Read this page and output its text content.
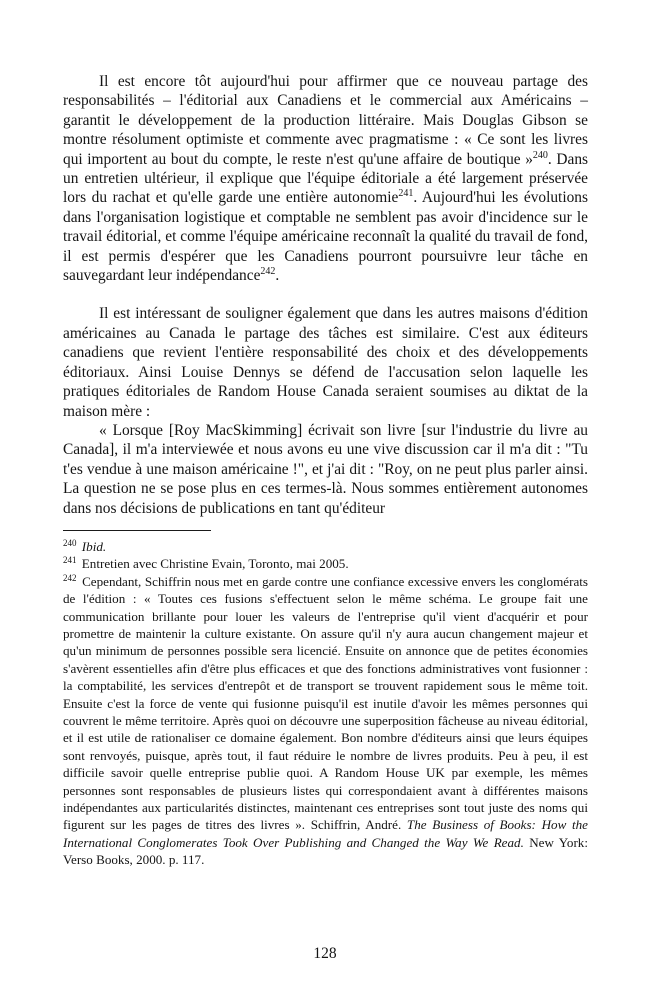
Il est encore tôt aujourd'hui pour affirmer que ce nouveau partage des responsabilités – l'éditorial aux Canadiens et le commercial aux Américains – garantit le développement de la production littéraire. Mais Douglas Gibson se montre résolument optimiste et commente avec pragmatisme : « Ce sont les livres qui importent au bout du compte, le reste n'est qu'une affaire de boutique »$^{240}$. Dans un entretien ultérieur, il explique que l'équipe éditoriale a été largement préservée lors du rachat et qu'elle garde une entière autonomie$^{241}$. Aujourd'hui les évolutions dans l'organisation logistique et comptable ne semblent pas avoir d'incidence sur le travail éditorial, et comme l'équipe américaine reconnaît la qualité du travail de fond, il est permis d'espérer que les Canadiens pourront poursuivre leur tâche en sauvegardant leur indépendance$^{242}$.

Il est intéressant de souligner également que dans les autres maisons d'édition américaines au Canada le partage des tâches est similaire. C'est aux éditeurs canadiens que revient l'entière responsabilité des choix et des développements éditoriaux. Ainsi Louise Dennys se défend de l'accusation selon laquelle les pratiques éditoriales de Random House Canada seraient soumises au diktat de la maison mère :

« Lorsque [Roy MacSkimming] écrivait son livre [sur l'industrie du livre au Canada], il m'a interviewée et nous avons eu une vive discussion car il m'a dit : "Tu t'es vendue à une maison américaine !", et j'ai dit : "Roy, on ne peut plus parler ainsi. La question ne se pose plus en ces termes-là. Nous sommes entièrement autonomes dans nos décisions de publications en tant qu'éditeur

$^{240}$ Ibid.

$^{241}$ Entretien avec Christine Evain, Toronto, mai 2005.

$^{242}$ Cependant, Schiffrin nous met en garde contre une confiance excessive envers les conglomérats de l'édition : « Toutes ces fusions s'effectuent selon le même schéma. Le groupe fait une communication brillante pour louer les valeurs de l'entreprise qu'il vient d'acquérir et pour promettre de maintenir la culture existante. On assure qu'il n'y aura aucun changement majeur et qu'un minimum de personnes possible sera licencié. Ensuite on annonce que de petites économies s'avèrent essentielles afin d'être plus efficaces et que des fonctions administratives vont fusionner : la comptabilité, les services d'entrepôt et de transport se trouvent rapidement sous le même toit. Ensuite c'est la force de vente qui fusionne puisqu'il est inutile d'avoir les mêmes personnes qui couvrent le même territoire. Après quoi on découvre une superposition fâcheuse au niveau éditorial, et il est utile de rationaliser ce domaine également. Bon nombre d'éditeurs ainsi que leurs équipes sont renvoyés, puisque, après tout, il faut réduire le nombre de livres produits. Peu à peu, il est difficile savoir quelle entreprise publie quoi. A Random House UK par exemple, les mêmes personnes sont responsables de plusieurs listes qui correspondaient avant à différentes maisons indépendantes aux particularités distinctes, maintenant ces entreprises sont tout juste des noms qui figurent sur les pages de titres des livres ». Schiffrin, André. The Business of Books: How the International Conglomerates Took Over Publishing and Changed the Way We Read. New York: Verso Books, 2000. p. 117.

128
